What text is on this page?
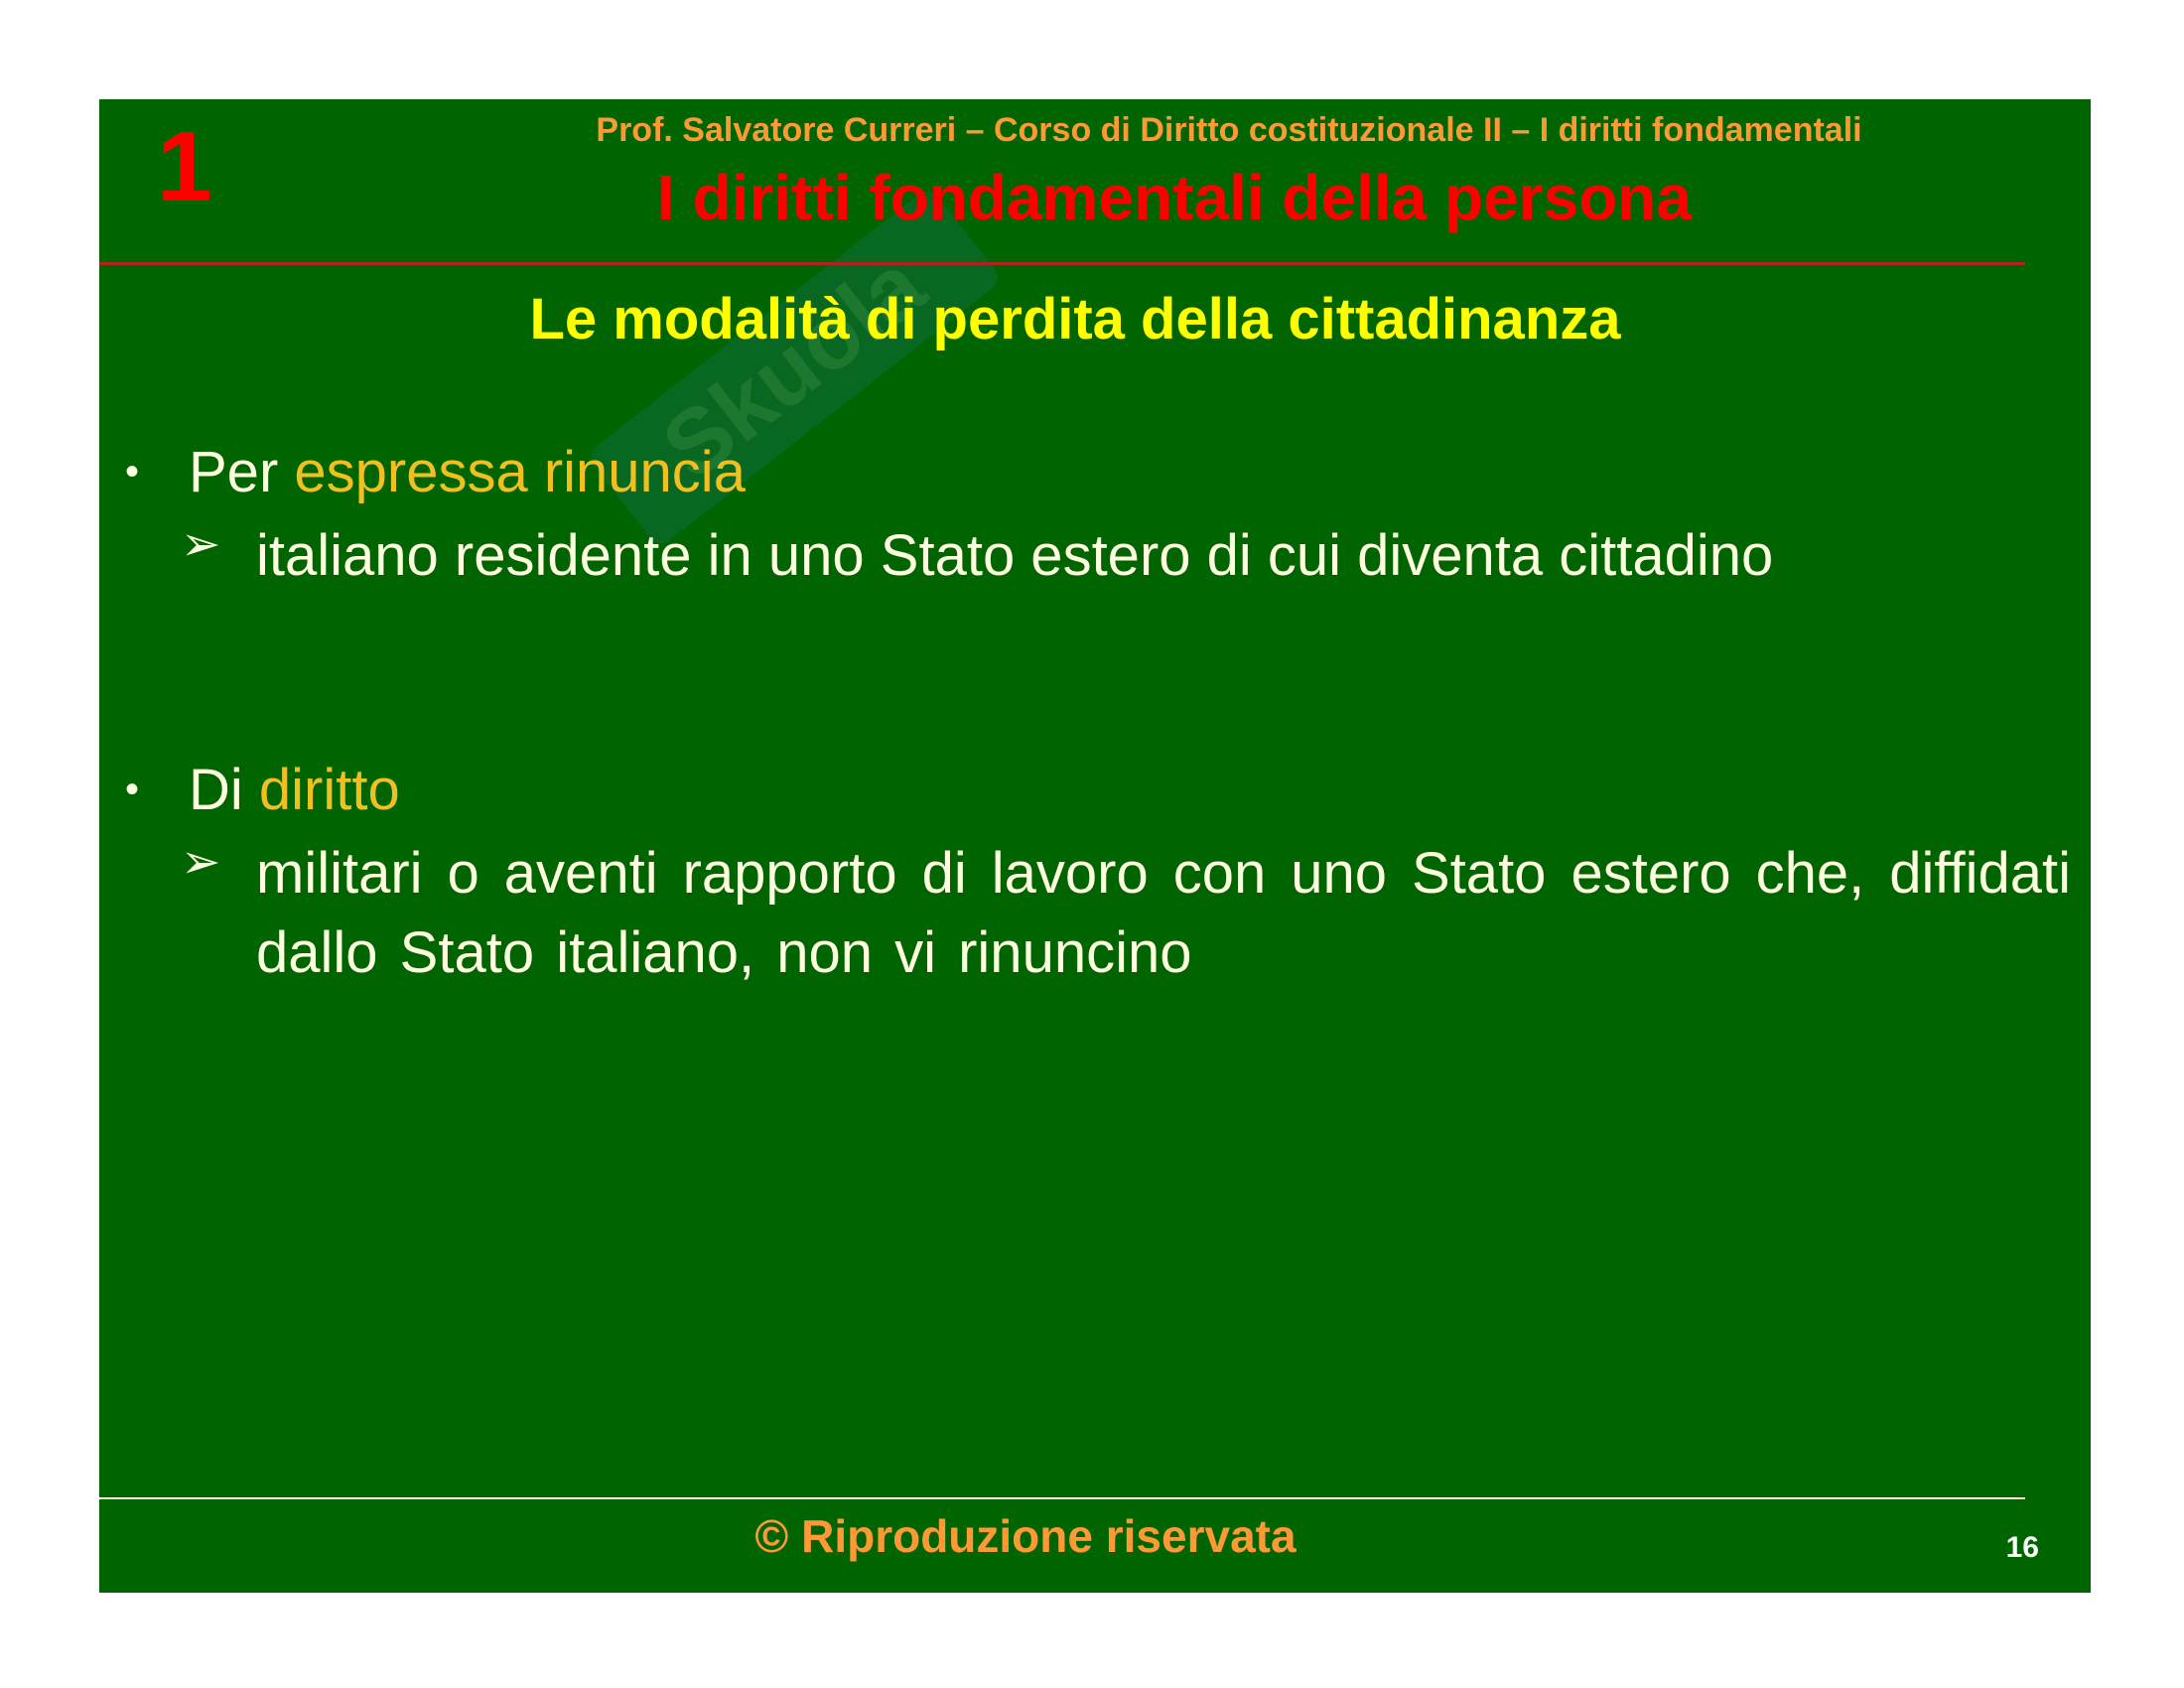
Skuola
1	Prof. Salvatore Curreri – Corso di Diritto costituzionale II – I diritti fondamentali
I diritti fondamentali della persona
Le modalità di perdita della cittadinanza
• Per espressa rinuncia
➢ italiano residente in uno Stato estero di cui diventa cittadino
• Di diritto
➢ militari o aventi rapporto di lavoro con uno Stato estero che, diffidati dallo Stato italiano, non vi rinuncino
© Riproduzione riservata	16
